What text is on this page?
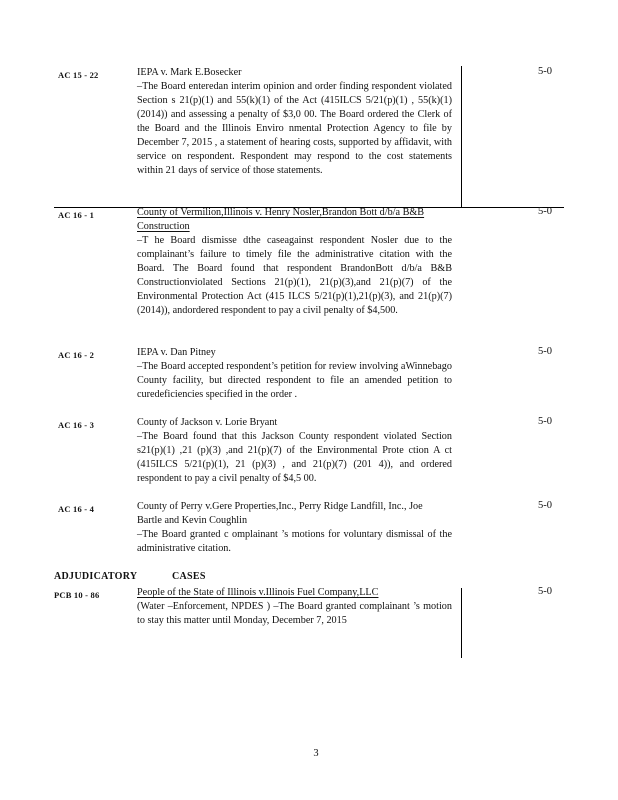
AC 15 - 22	IEPA v. Mark E.Bosecker
–The Board enteredan interim opinion and order finding respondent violated Section s 21(p)(1) and 55(k)(1) of the Act (415ILCS 5/21(p)(1) , 55(k)(1) (2014)) and assessing a penalty of $3,0 00. The Board ordered the Clerk of the Board and the Illinois Enviro nmental Protection Agency to file by December 7, 2015 , a statement of hearing costs, supported by affidavit, with service on respondent. Respondent may respond to the cost statements within 21 days of service of those statements.
5-0
AC 16 - 1	County of Vermilion,Illinois v. Henry Nosler,Brandon Bott d/b/a B&B Construction
–T he Board dismisse dthe caseagainst respondent Nosler due to the complainant’s failure to timely file the administrative citation with the Board. The Board found that respondent BrandonBott d/b/a B&B Constructionviolated Sections 21(p)(1), 21(p)(3),and 21(p)(7) of the Environmental Protection Act (415 ILCS 5/21(p)(1),21(p)(3), and 21(p)(7) (2014)), andordered respondent to pay a civil penalty of $4,500.
5-0
AC 16 - 2	IEPA v. Dan Pitney
–The Board accepted respondent’s petition for review involving aWinnebago County facility, but directed respondent to file an amended petition to curedeficiencies specified in the order .
5-0
AC 16 - 3	County of Jackson v. Lorie Bryant
–The Board found that this Jackson County respondent violated Section s21(p)(1) ,21 (p)(3) ,and 21(p)(7) of the Environmental Prote ction A ct (415ILCS 5/21(p)(1), 21 (p)(3) , and 21(p)(7) (201 4)), and ordered respondent to pay a civil penalty of $4,5 00.
5-0
AC 16 - 4	County of Perry v.Gere Properties,Inc., Perry Ridge Landfill, Inc., Joe Bartle and Kevin Coughlin
–The Board granted c omplainant ’s motions for voluntary dismissal of the administrative citation.
5-0
ADJUDICATORY	CASES
PCB 10 - 86	People of the State of Illinois v.Illinois Fuel Company,LLC
(Water –Enforcement, NPDES ) –The Board granted complainant ’s motion to stay this matter until Monday, December 7, 2015
5-0
3
